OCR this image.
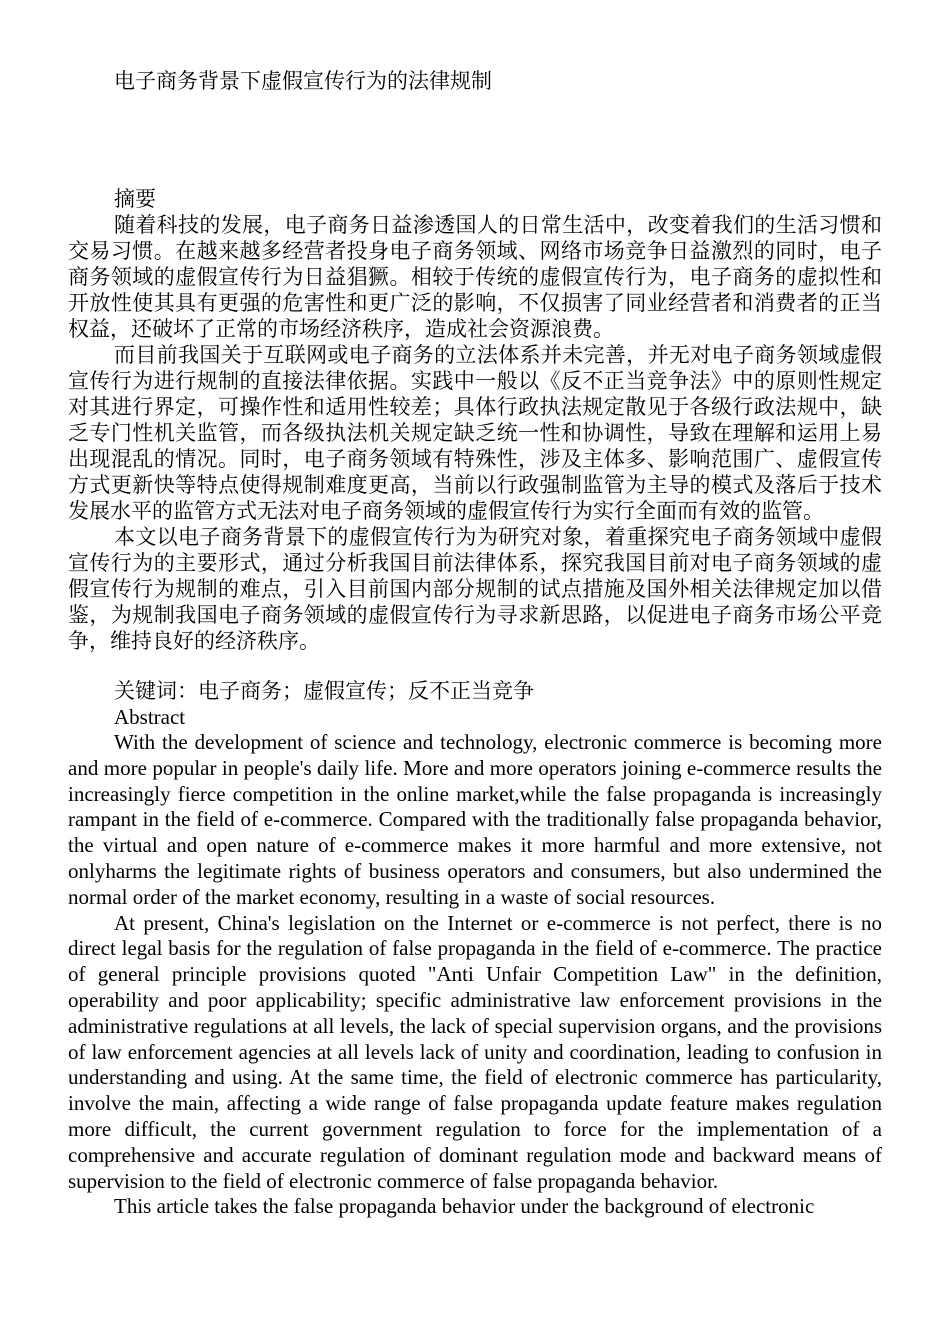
电子商务背景下虚假宣传行为的法律规制
摘要

随着科技的发展，电子商务日益渗透国人的日常生活中，改变着我们的生活习惯和交易习惯。在越来越多经营者投身电子商务领域、网络市场竞争日益激烈的同时，电子商务领域的虚假宣传行为日益猖獗。相较于传统的虚假宣传行为，电子商务的虚拟性和开放性使其具有更强的危害性和更广泛的影响，不仅损害了同业经营者和消费者的正当权益，还破坏了正常的市场经济秩序，造成社会资源浪费。

而目前我国关于互联网或电子商务的立法体系并未完善，并无对电子商务领域虚假宣传行为进行规制的直接法律依据。实践中一般以《反不正当竞争法》中的原则性规定对其进行界定，可操作性和适用性较差；具体行政执法规定散见于各级行政法规中，缺乏专门性机关监管，而各级执法机关规定缺乏统一性和协调性，导致在理解和运用上易出现混乱的情况。同时，电子商务领域有特殊性，涉及主体多、影响范围广、虚假宣传方式更新快等特点使得规制难度更高，当前以行政强制监管为主导的模式及落后于技术发展水平的监管方式无法对电子商务领域的虚假宣传行为实行全面而有效的监管。

本文以电子商务背景下的虚假宣传行为为研究对象，着重探究电子商务领域中虚假宣传行为的主要形式，通过分析我国目前法律体系，探究我国目前对电子商务领域的虚假宣传行为规制的难点，引入目前国内部分规制的试点措施及国外相关法律规定加以借鉴，为规制我国电子商务领域的虚假宣传行为寻求新思路，以促进电子商务市场公平竞争，维持良好的经济秩序。

关键词：电子商务；虚假宣传；反不正当竞争

Abstract

With the development of science and technology, electronic commerce is becoming more and more popular in people's daily life. More and more operators joining e-commerce results the increasingly fierce competition in the online market,while the false propaganda is increasingly rampant in the field of e-commerce. Compared with the traditionally false propaganda behavior, the virtual and open nature of e-commerce makes it more harmful and more extensive, not onlyharms the legitimate rights of business operators and consumers, but also undermined the normal order of the market economy, resulting in a waste of social resources.

At present, China's legislation on the Internet or e-commerce is not perfect, there is no direct legal basis for the regulation of false propaganda in the field of e-commerce. The practice of general principle provisions quoted "Anti Unfair Competition Law" in the definition, operability and poor applicability; specific administrative law enforcement provisions in the administrative regulations at all levels, the lack of special supervision organs, and the provisions of law enforcement agencies at all levels lack of unity and coordination, leading to confusion in understanding and using. At the same time, the field of electronic commerce has particularity, involve the main, affecting a wide range of false propaganda update feature makes regulation more difficult, the current government regulation to force for the implementation of a comprehensive and accurate regulation of dominant regulation mode and backward means of supervision to the field of electronic commerce of false propaganda behavior.

This article takes the false propaganda behavior under the background of electronic
